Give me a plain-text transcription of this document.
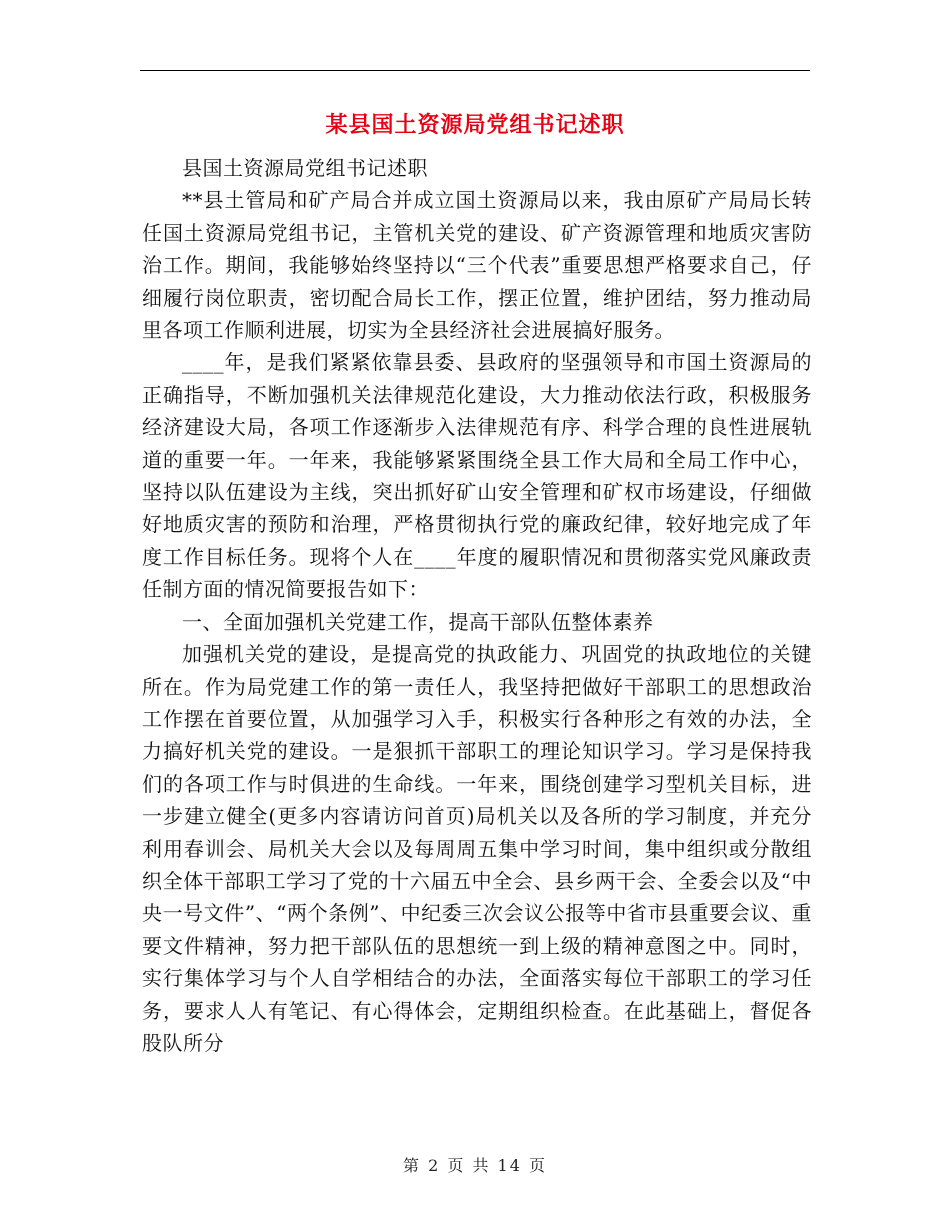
某县国土资源局党组书记述职

县国土资源局党组书记述职

**县土管局和矿产局合并成立国土资源局以来，我由原矿产局局长转任国土资源局党组书记，主管机关党的建设、矿产资源管理和地质灾害防治工作。期间，我能够始终坚持以“三个代表”重要思想严格要求自己，仔细履行岗位职责，密切配合局长工作，摆正位置，维护团结，努力推动局里各项工作顺利进展，切实为全县经济社会进展搞好服务。

____年，是我们紧紧依靠县委、县政府的坚强领导和市国土资源局的正确指导，不断加强机关法律规范化建设，大力推动依法行政，积极服务经济建设大局，各项工作逐渐步入法律规范有序、科学合理的良性进展轨道的重要一年。一年来，我能够紧紧围绕全县工作大局和全局工作中心，坚持以队伍建设为主线，突出抓好矿山安全管理和矿权市场建设，仔细做好地质灾害的预防和治理，严格贯彻执行党的廉政纪律，较好地完成了年度工作目标任务。现将个人在____年度的履职情况和贯彻落实党风廉政责任制方面的情况简要报告如下：

一、全面加强机关党建工作，提高干部队伍整体素养

加强机关党的建设，是提高党的执政能力、巩固党的执政地位的关键所在。作为局党建工作的第一责任人，我坚持把做好干部职工的思想政治工作摆在首要位置，从加强学习入手，积极实行各种形之有效的办法，全力搞好机关党的建设。一是狠抓干部职工的理论知识学习。学习是保持我们的各项工作与时俱进的生命线。一年来，围绕创建学习型机关目标，进一步建立健全(更多内容请访问首页)局机关以及各所的学习制度，并充分利用春训会、局机关大会以及每周周五集中学习时间，集中组织或分散组织全体干部职工学习了党的十六届五中全会、县乡两干会、全委会以及“中央一号文件”、“两个条例”、中纪委三次会议公报等中省市县重要会议、重要文件精神，努力把干部队伍的思想统一到上级的精神意图之中。同时，实行集体学习与个人自学相结合的办法，全面落实每位干部职工的学习任务，要求人人有笔记、有心得体会，定期组织检查。在此基础上，督促各股队所分

第 2 页 共 14 页
